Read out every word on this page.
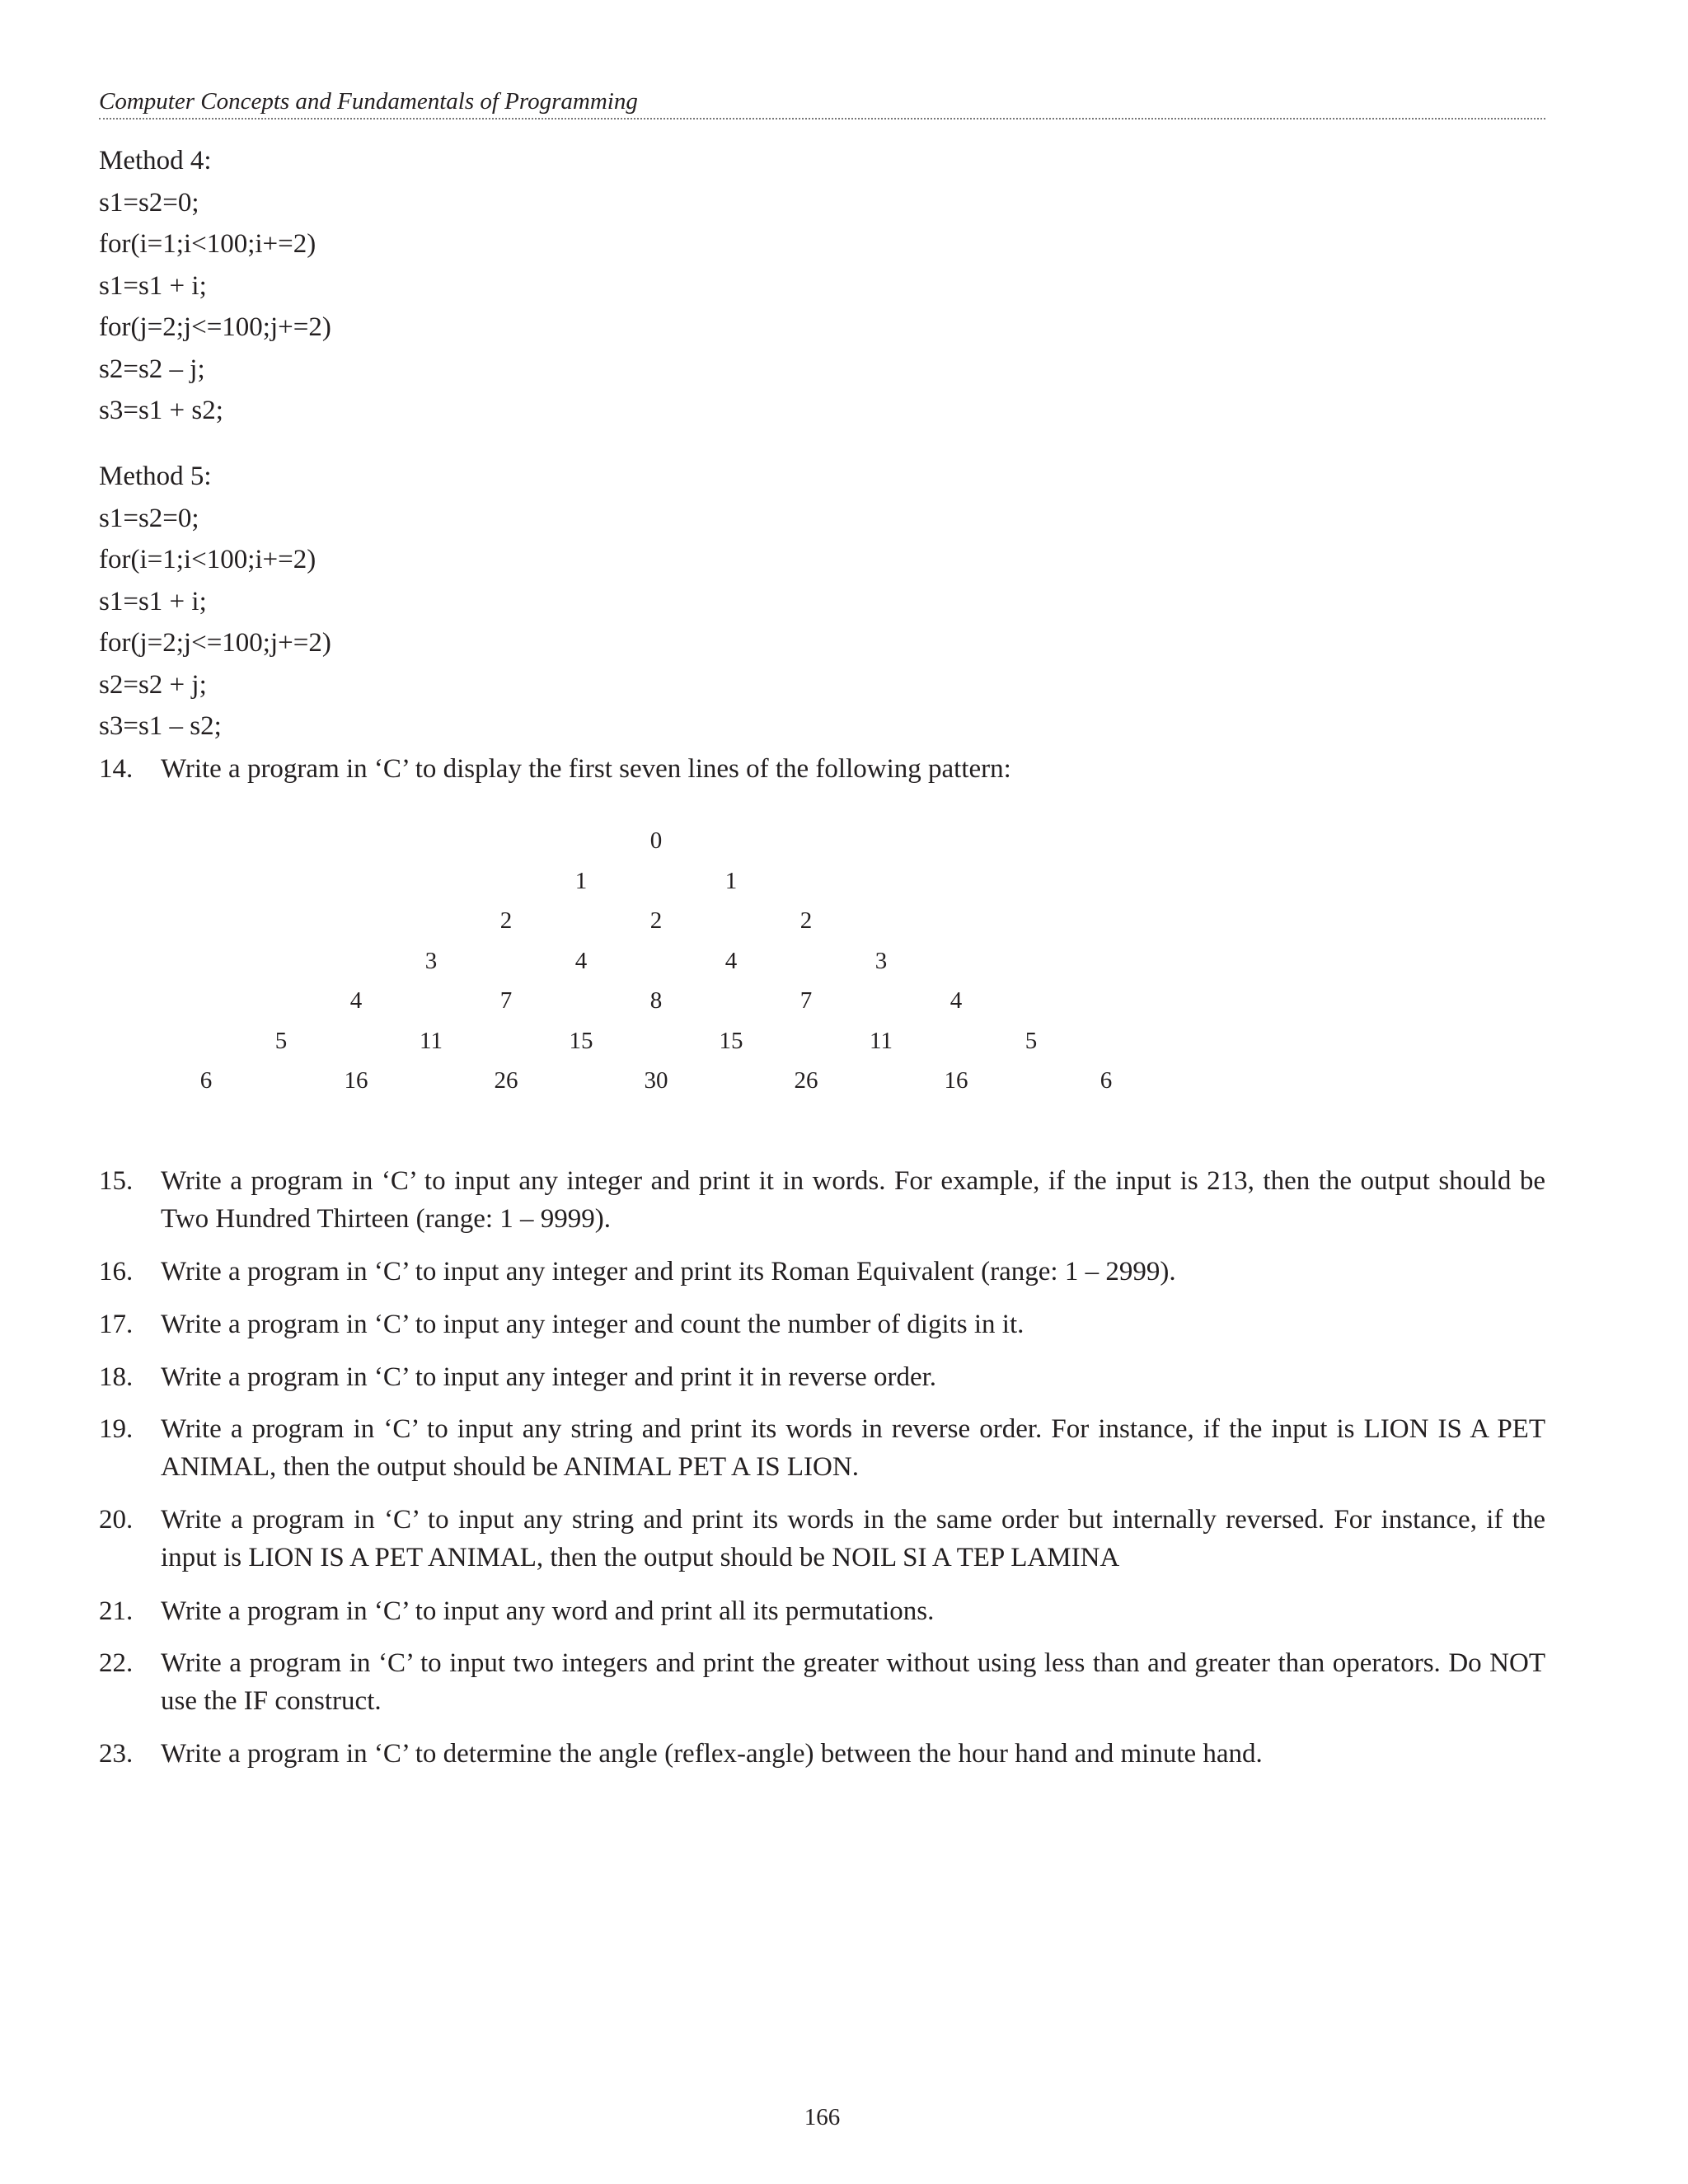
Computer Concepts and Fundamentals of Programming
Method 4:
s1=s2=0;
for(i=1;i<100;i+=2)
s1=s1 + i;
for(j=2;j<=100;j+=2)
s2=s2 – j;
s3=s1 + s2;
Method 5:
s1=s2=0;
for(i=1;i<100;i+=2)
s1=s1 + i;
for(j=2;j<=100;j+=2)
s2=s2 + j;
s3=s1 – s2;
14.	Write a program in ‘C’ to display the first seven lines of the following pattern:
0
1	1
2	2	2
3	4	4	3
4	7	8	7	4
5	11	15	15	11	5
6	16	26	30	26	16	6
15.	Write a program in ‘C’ to input any integer and print it in words. For example, if the input is 213, then the output should be Two Hundred Thirteen (range: 1 – 9999).
16.	Write a program in ‘C’ to input any integer and print its Roman Equivalent (range: 1 – 2999).
17.	Write a program in ‘C’ to input any integer and count the number of digits in it.
18.	Write a program in ‘C’ to input any integer and print it in reverse order.
19.	Write a program in ‘C’ to input any string and print its words in reverse order. For instance, if the input is LION IS A PET ANIMAL, then the output should be ANIMAL PET A IS LION.
20.	Write a program in ‘C’ to input any string and print its words in the same order but internally reversed. For instance, if the input is LION IS A PET ANIMAL, then the output should be NOIL SI A TEP LAMINA
21.	Write a program in ‘C’ to input any word and print all its permutations.
22.	Write a program in ‘C’ to input two integers and print the greater without using less than and greater than operators. Do NOT use the IF construct.
23.	Write a program in ‘C’ to determine the angle (reflex-angle) between the hour hand and minute hand.
166
